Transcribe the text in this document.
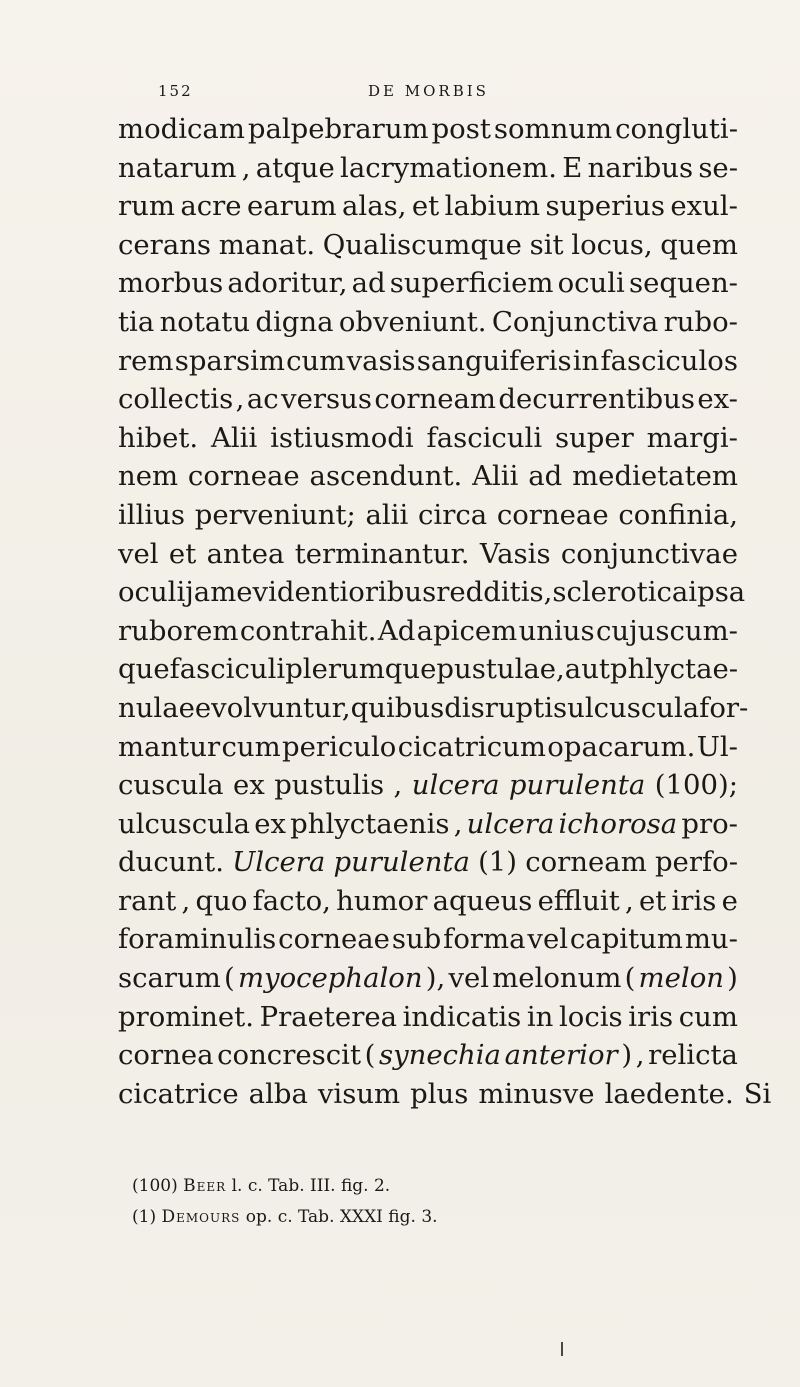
152	DE MORBIS
modicam palpebrarum post somnum congluti-
natarum , atque lacrymationem. E naribus se-
rum acre earum alas, et labium superius exul-
cerans manat. Qualiscumque sit locus, quem
morbus adoritur, ad superficiem oculi sequen-
tia notatu digna obveniunt. Conjunctiva rubo-
rem sparsim cum vasis sanguiferis in fasciculos
collectis , ac versus corneam decurrentibus ex-
hibet. Alii istiusmodi fasciculi super margi-
nem corneae ascendunt. Alii ad medietatem
illius perveniunt; alii circa corneae confinia,
vel et antea terminantur. Vasis conjunctivae
oculi jam evidentioribus redditis, sclerotica ipsa
ruborem contrahit. Ad apicem unius cujuscum-
que fasciculi plerumque pustulae, aut phlyctae-
nulae evolvuntur, quibus disruptis ulcuscula for-
mantur cum periculo cicatricum opacarum. Ul-
cuscula ex pustulis , ulcera purulenta (100);
ulcuscula ex phlyctaenis , ulcera ichorosa pro-
ducunt. Ulcera purulenta (1) corneam perfo-
rant , quo facto, humor aqueus effluit , et iris e
foraminulis corneae sub forma vel capitum mu-
scarum ( myocephalon ), vel melonum ( melon )
prominet. Praeterea indicatis in locis iris cum
cornea concrescit ( synechia anterior ) , relicta
cicatrice alba visum plus minusve laedente. Si
(100) Beer l. c. Tab. III. fig. 2.
(1) Demours op. c. Tab. XXXI fig. 3.
